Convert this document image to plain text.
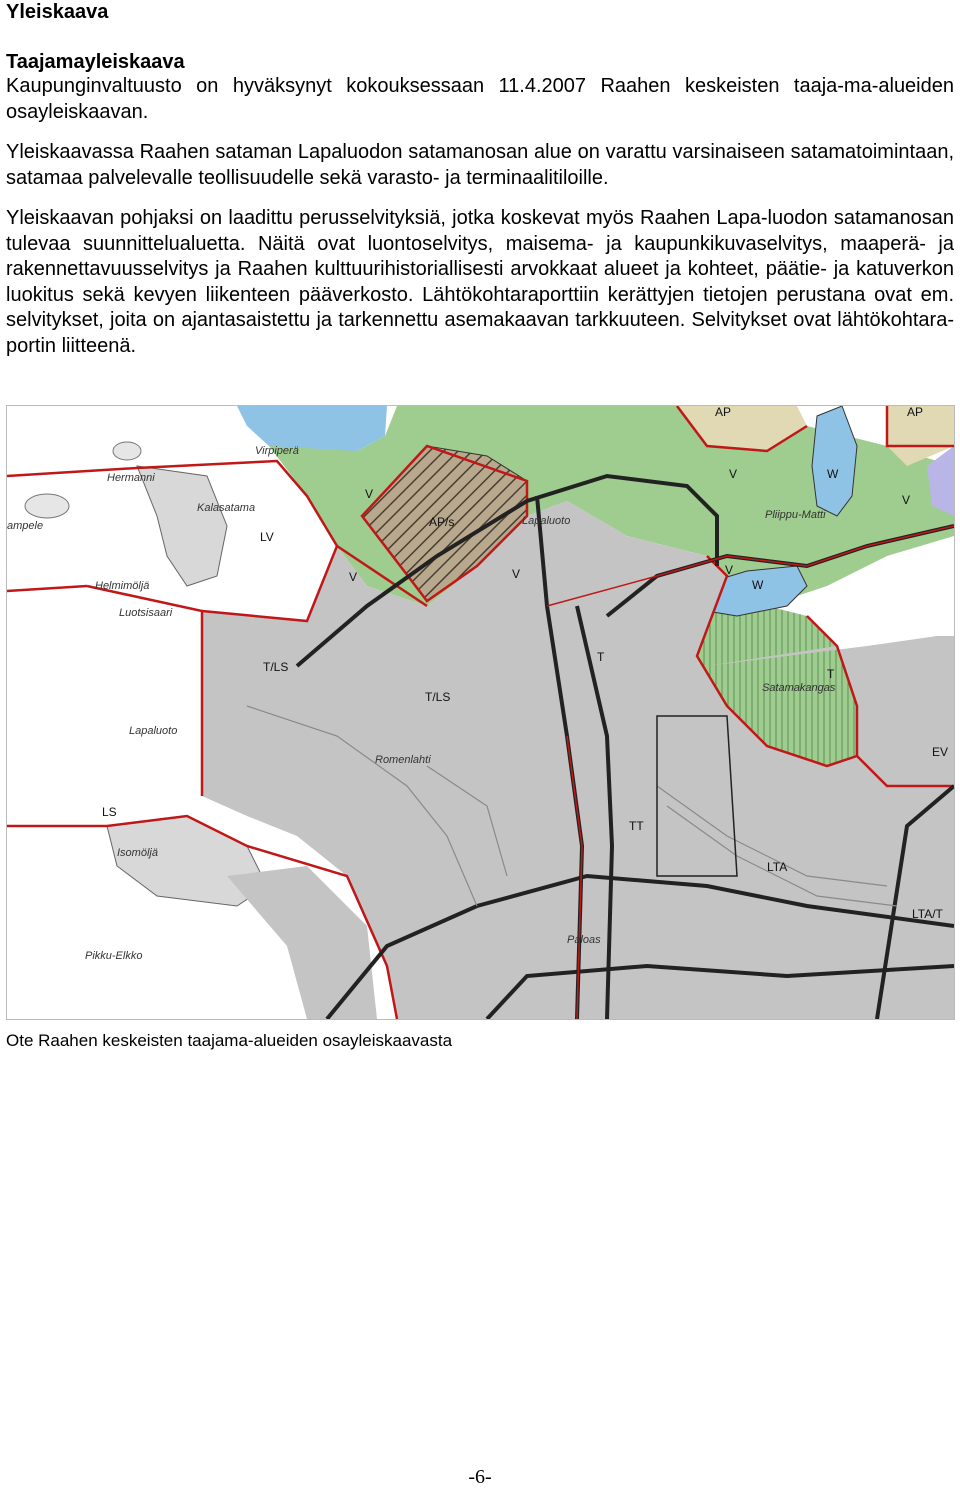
Yleiskaava
Taajamayleiskaava
Kaupunginvaltuusto on hyväksynyt kokouksessaan 11.4.2007 Raahen keskeisten taaja-ma-alueiden osayleiskaavan.
Yleiskaavassa Raahen sataman Lapaluodon satamanosan alue on varattu varsinaiseen satamatoimintaan, satamaa palvelevalle teollisuudelle sekä varasto- ja terminaalitiloille.
Yleiskaavan pohjaksi on laadittu perusselvityksiä, jotka koskevat myös Raahen Lapa-luodon satamanosan tulevaa suunnittelualuetta. Näitä ovat luontoselvitys, maisema- ja kaupunkikuvaselvitys, maaperä- ja rakennettavuusselvitys ja Raahen kulttuurihistoriallisesti arvokkaat alueet ja kohteet, päätie- ja katuverkon luokitus sekä kevyen liikenteen pääverkosto. Lähtökohtaraporttiin kerättyjen tietojen perustana ovat em. selvitykset, joita on ajantasaistettu ja tarkennettu asemakaavan tarkkuuteen. Selvitykset ovat lähtökohtara-portin liitteenä.
LV
T/LS
T/LS
LS
AP/s
V
V	V
V
V
V
W
W
AP	AP
T
T
TT
LTA
LTA/T
EV
Virpiperä
Kalasatama
Lapaluoto
Lapaluoto
Luotsisaari
Helmimöljä
Isomöljä
Pikku-Elkko
Satamakangas
Paloas
ampele
Romenlahti
Pliippu-Matti
Hermanni
Ote Raahen keskeisten taajama-alueiden osayleiskaavasta
-6-
